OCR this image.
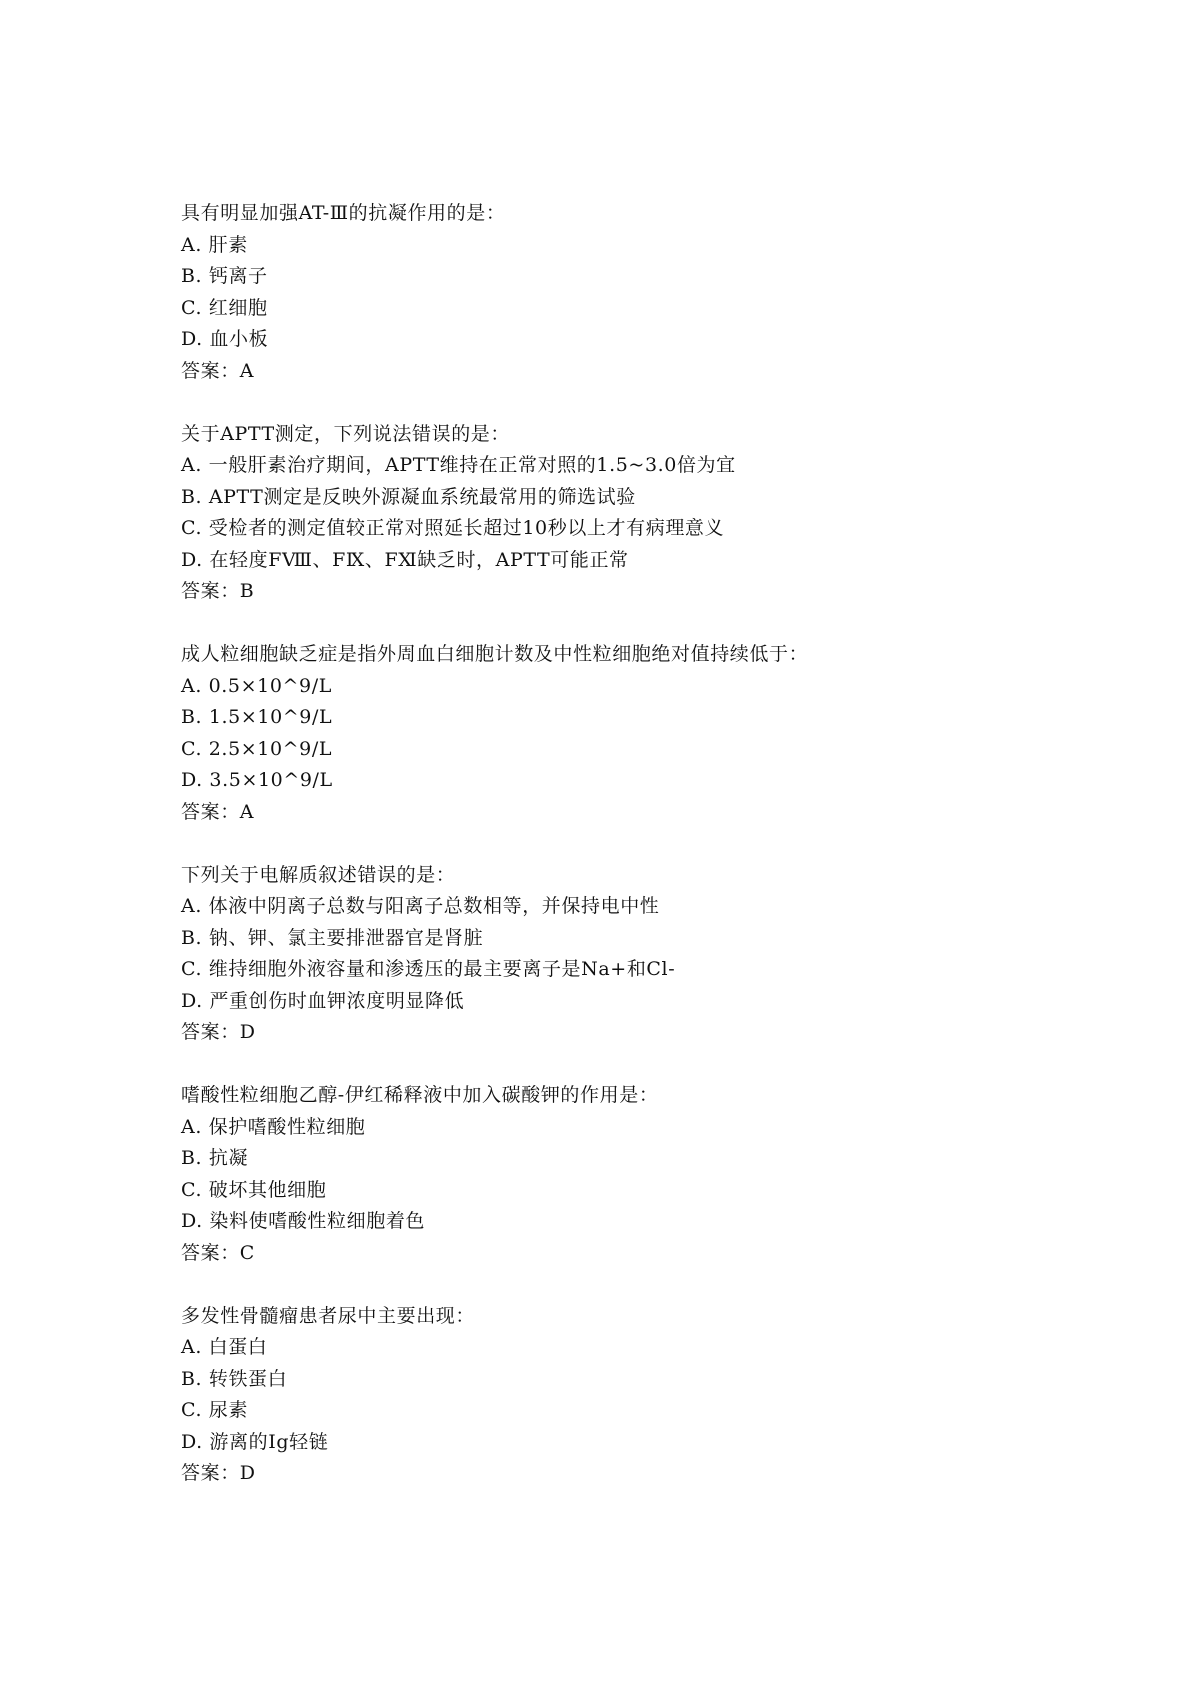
具有明显加强AT-Ⅲ的抗凝作用的是：
A. 肝素
B. 钙离子
C. 红细胞
D. 血小板
答案：A
关于APTT测定，下列说法错误的是：
A. 一般肝素治疗期间，APTT维持在正常对照的1.5~3.0倍为宜
B. APTT测定是反映外源凝血系统最常用的筛选试验
C. 受检者的测定值较正常对照延长超过10秒以上才有病理意义
D. 在轻度FⅧ、FⅨ、FⅪ缺乏时，APTT可能正常
答案：B
成人粒细胞缺乏症是指外周血白细胞计数及中性粒细胞绝对值持续低于：
A. 0.5×10^9/L
B. 1.5×10^9/L
C. 2.5×10^9/L
D. 3.5×10^9/L
答案：A
下列关于电解质叙述错误的是：
A. 体液中阴离子总数与阳离子总数相等，并保持电中性
B. 钠、钾、氯主要排泄器官是肾脏
C. 维持细胞外液容量和渗透压的最主要离子是Na+和Cl-
D. 严重创伤时血钾浓度明显降低
答案：D
嗜酸性粒细胞乙醇-伊红稀释液中加入碳酸钾的作用是：
A. 保护嗜酸性粒细胞
B. 抗凝
C. 破坏其他细胞
D. 染料使嗜酸性粒细胞着色
答案：C
多发性骨髓瘤患者尿中主要出现：
A. 白蛋白
B. 转铁蛋白
C. 尿素
D. 游离的Ig轻链
答案：D
